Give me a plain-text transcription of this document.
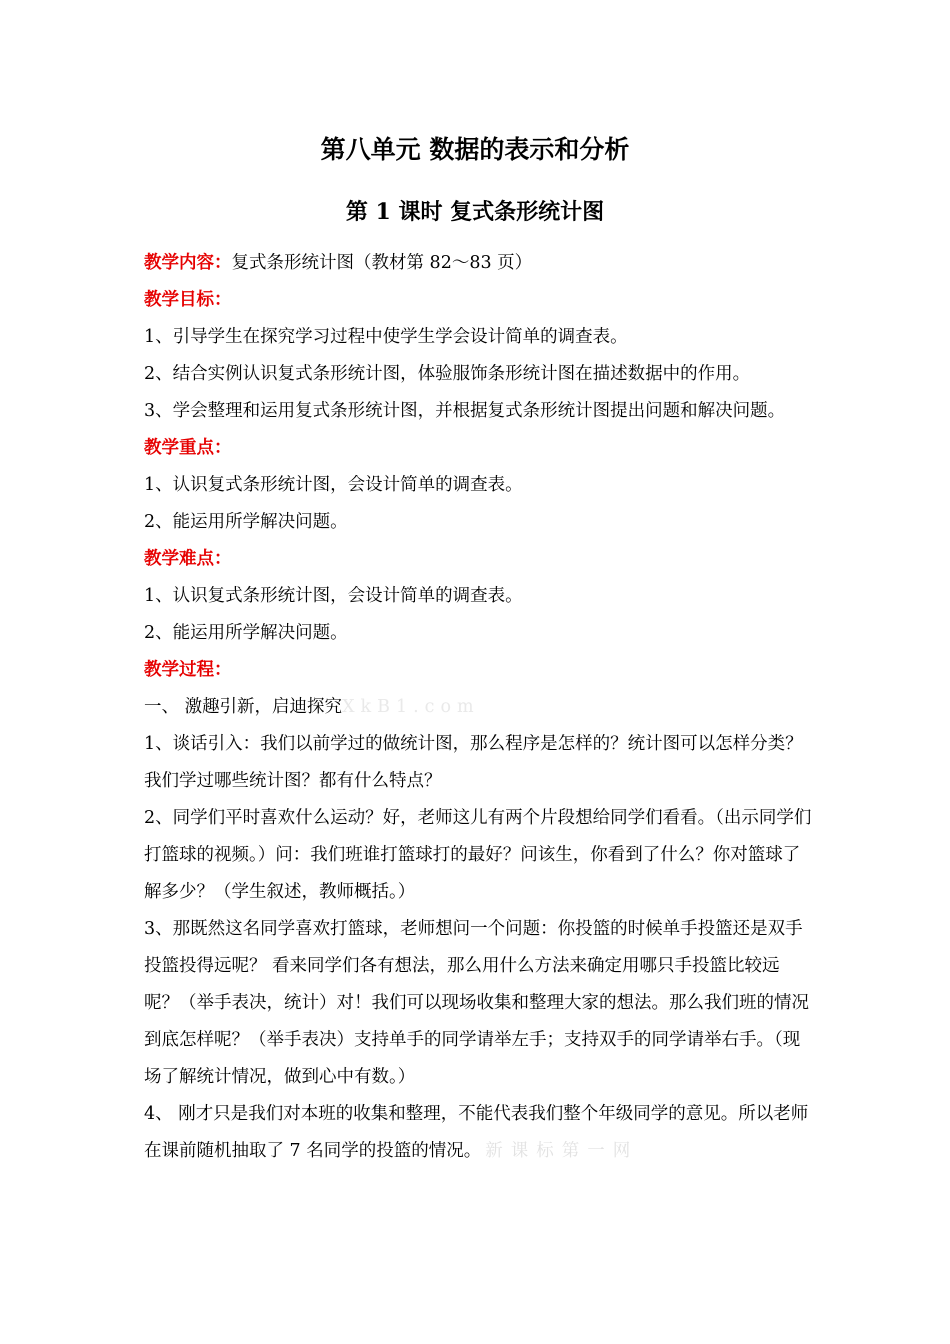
第八单元 数据的表示和分析
第 1 课时 复式条形统计图

教学内容：复式条形统计图（教材第 82～83 页）

教学目标：

1、引导学生在探究学习过程中使学生学会设计简单的调查表。

2、结合实例认识复式条形统计图，体验服饰条形统计图在描述数据中的作用。

3、学会整理和运用复式条形统计图，并根据复式条形统计图提出问题和解决问题。

教学重点：

1、认识复式条形统计图，会设计简单的调查表。

2、能运用所学解决问题。

教学难点：

1、认识复式条形统计图，会设计简单的调查表。

2、能运用所学解决问题。

教学过程：

一、 激趣引新，启迪探究XkB1.com

1、谈话引入：我们以前学过的做统计图，那么程序是怎样的？统计图可以怎样分类？我们学过哪些统计图？都有什么特点？

2、同学们平时喜欢什么运动？好，老师这儿有两个片段想给同学们看看。（出示同学们打篮球的视频。）问：我们班谁打篮球打的最好？问该生，你看到了什么？你对篮球了解多少？（学生叙述，教师概括。）

3、那既然这名同学喜欢打篮球，老师想问一个问题：你投篮的时候单手投篮还是双手投篮投得远呢？ 看来同学们各有想法，那么用什么方法来确定用哪只手投篮比较远呢？（举手表决，统计）对！我们可以现场收集和整理大家的想法。那么我们班的情况到底怎样呢？（举手表决）支持单手的同学请举左手；支持双手的同学请举右手。（现场了解统计情况，做到心中有数。）

4、 刚才只是我们对本班的收集和整理，不能代表我们整个年级同学的意见。所以老师在课前随机抽取了 7 名同学的投篮的情况。 新课标第一网
